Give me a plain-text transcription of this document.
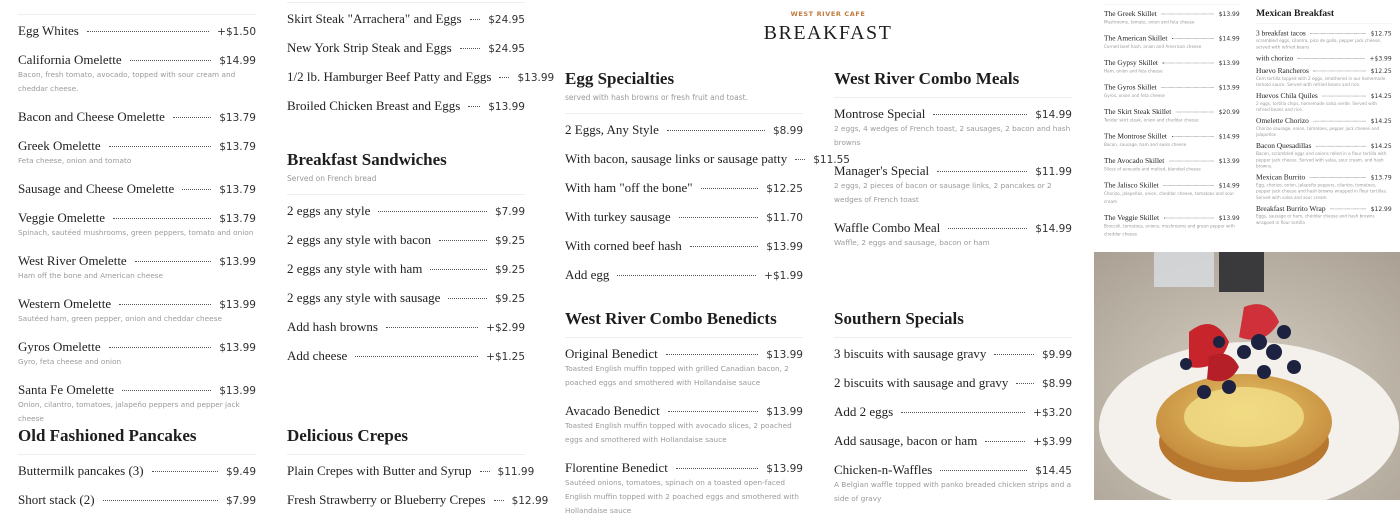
WEST RIVER CAFE
BREAKFAST
Egg Whites	+$1.50
California Omelette	$14.99
Bacon, fresh tomato, avocado, topped with sour cream and cheddar cheese.
Bacon and Cheese Omelette	$13.79
Greek Omelette	$13.79
Feta cheese, onion and tomato
Sausage and Cheese Omelette	$13.79
Veggie Omelette	$13.79
Spinach, sautéed mushrooms, green peppers, tomato and onion
West River Omelette	$13.99
Ham off the bone and American cheese
Western Omelette	$13.99
Sautéed ham, green pepper, onion and cheddar cheese
Gyros Omelette	$13.99
Gyro, feta cheese and onion
Santa Fe Omelette	$13.99
Onion, cilantro, tomatoes, jalapeño peppers and pepper jack cheese
Old Fashioned Pancakes
Buttermilk pancakes (3)	$9.49
Short stack (2)	$7.99
Skirt Steak "Arrachera" and Eggs	$24.95
New York Strip Steak and Eggs	$24.95
1/2 lb. Hamburger Beef Patty and Eggs $13.99
Broiled Chicken Breast and Eggs	$13.99
Breakfast Sandwiches
Served on French bread
2 eggs any style	$7.99
2 eggs any style with bacon	$9.25
2 eggs any style with ham	$9.25
2 eggs any style with sausage	$9.25
Add hash browns	+$2.99
Add cheese	+$1.25
Delicious Crepes
Plain Crepes with Butter and Syrup $11.99
Fresh Strawberry or Blueberry Crepes $12.99
Egg Specialties
served with hash browns or fresh fruit and toast.
2 Eggs, Any Style	$8.99
With bacon, sausage links or sausage patty $11.55
With ham "off the bone"	$12.25
With turkey sausage	$11.70
With corned beef hash	$13.99
Add egg	+$1.99
West River Combo Benedicts
Original Benedict	$13.99
Toasted English muffin topped with grilled Canadian bacon, 2 poached eggs and smothered with Hollandaise sauce
Avacado Benedict	$13.99
Toasted English muffin topped with avocado slices, 2 poached eggs and smothered with Hollandaise sauce
Florentine Benedict	$13.99
Sautéed onions, tomatoes, spinach on a toasted open-faced English muffin topped with 2 poached eggs and smothered with Hollandaise sauce
West River Combo Meals
Montrose Special	$14.99
2 eggs, 4 wedges of French toast, 2 sausages, 2 bacon and hash browns
Manager's Special	$11.99
2 eggs, 2 pieces of bacon or sausage links, 2 pancakes or 2 wedges of French toast
Waffle Combo Meal	$14.99
Waffle, 2 eggs and sausage, bacon or ham
Southern Specials
3 biscuits with sausage gravy	$9.99
2 biscuits with sausage and gravy	$8.99
Add 2 eggs	+$3.20
Add sausage, bacon or ham	+$3.99
Chicken-n-Waffles	$14.45
A Belgian waffle topped with panko breaded chicken strips and a side of gravy
The Greek Skillet	$13.99
Mushrooms, tomato, onion and feta cheese
The American Skillet	$14.99
Corned beef hash, onion and American cheese
The Gypsy Skillet	$13.99
Ham, onion and feta cheese
The Gyros Skillet	$13.99
Gyros, onion and feta cheese
The Skirt Steak Skillet	$20.99
Tender skirt steak, onion and cheddar cheese
The Montrose Skillet	$14.99
Bacon, sausage, ham and swiss cheese
The Avocado Skillet	$13.99
Slices of avocado and melted, blended cheese
The Jalisco Skillet	$14.99
Chorizo, jalapeños, onion, cheddar cheese, tomatoes and sour cream
The Veggie Skillet	$13.99
Broccoli, tomatoes, onions, mushrooms and green pepper with cheddar cheese
Mexican Breakfast
3 breakfast tacos	$12.75
scrambled eggs, cilantro, pico de gallo, pepper jack cheese, served with refried beans
with chorizo	+$3.99
Huevo Rancheros	$12.25
Corn tortilla topped with 2 eggs, smothered in our homemade tomato sauce. Served with refried beans and rice.
Huevos Chila Quiles	$14.25
2 eggs, tortilla chips, homemade salsa verde. Served with refried beans and rice.
Omelette Chorizo	$14.25
Chorizo sausage, onion, tomatoes, pepper jack cheese and jalapeños
Bacon Quesadillas	$14.25
Bacon, scrambled eggs and onions rolled in a flour tortilla with pepper jack cheese. Served with salsa, sour cream, and hash browns.
Mexican Burrito	$13.79
Egg, chorizo, onion, jalapeño peppers, cilantro, tomatoes, pepper jack cheese and hash browns wrapped in flour tortillas. Served with salsa and sour cream
Breakfast Burrito Wrap	$12.99
Eggs, sausage or ham, cheddar cheese and hash browns wrapped in flour tortilla
